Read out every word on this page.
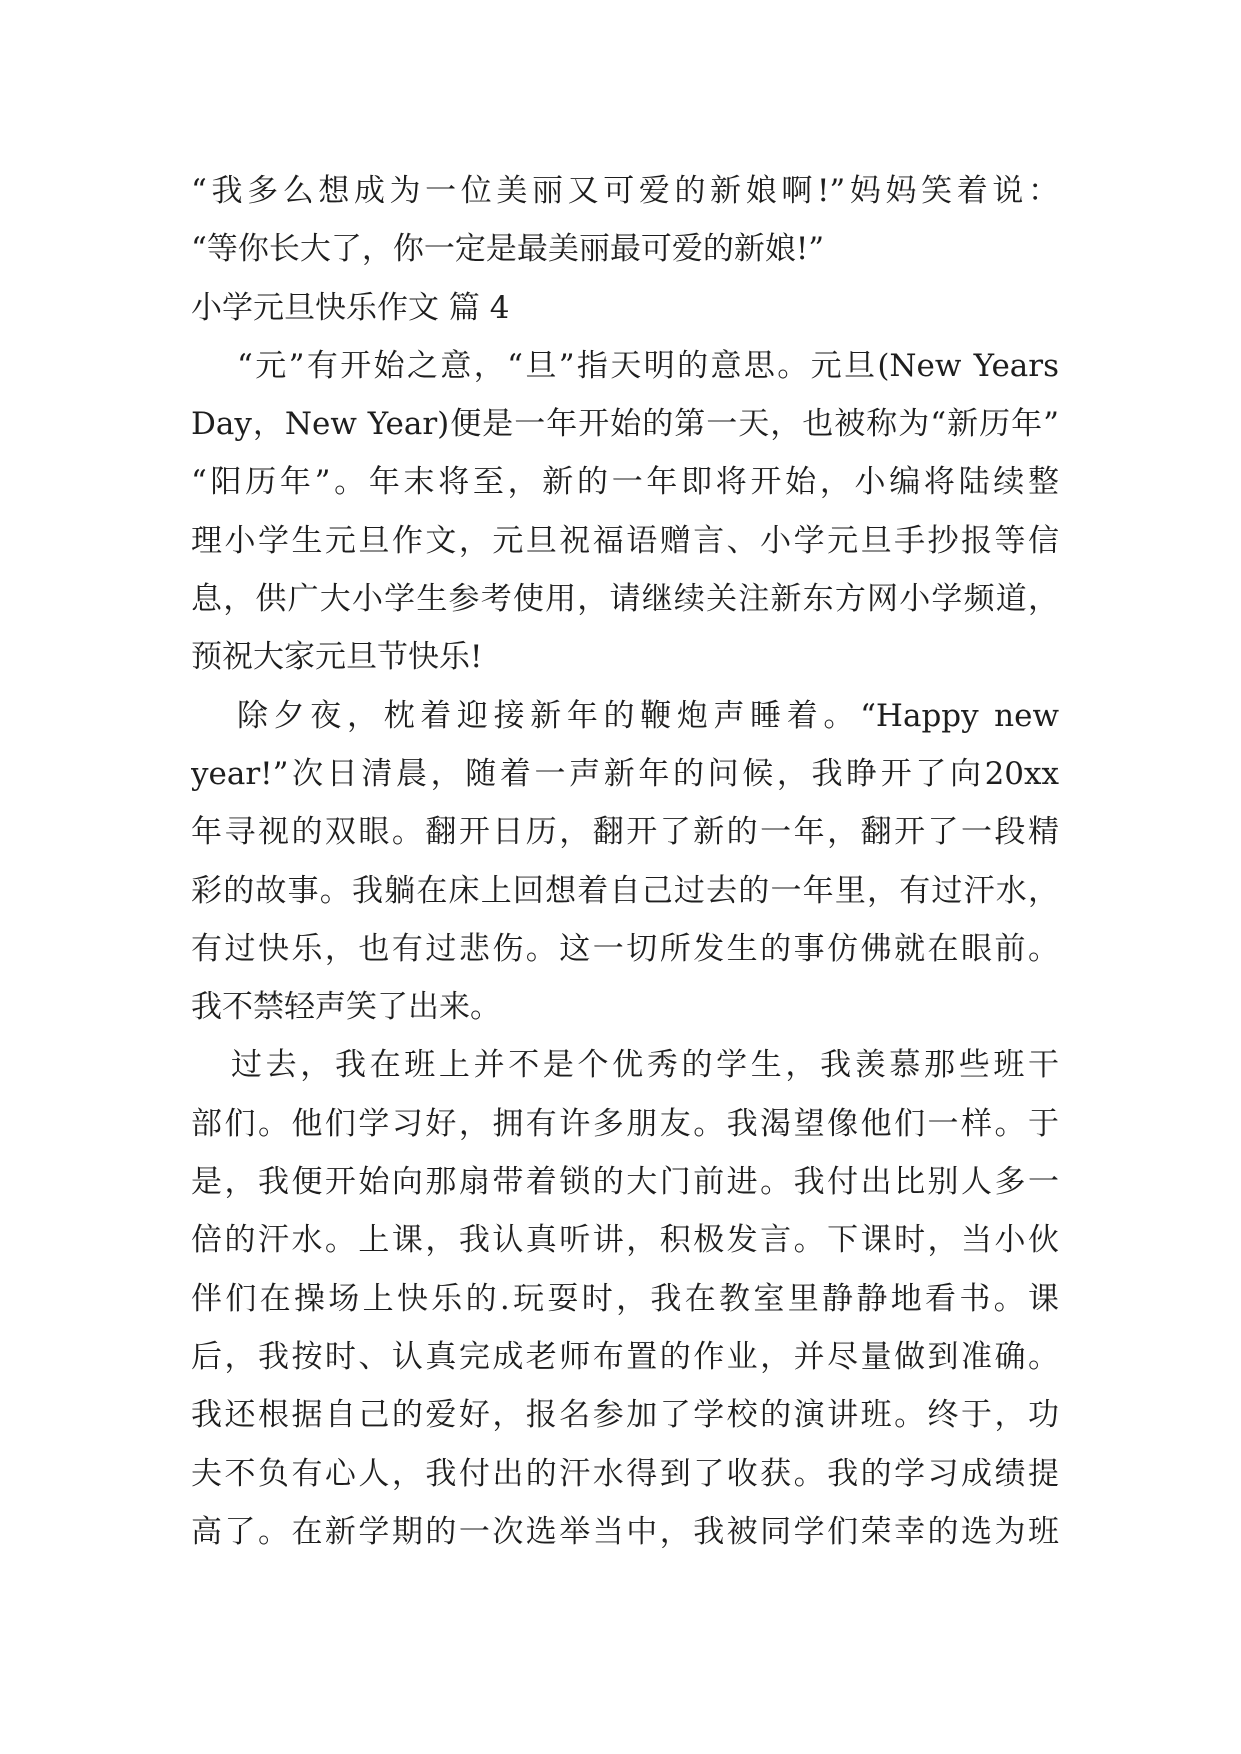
“我多么想成为一位美丽又可爱的新娘啊!”妈妈笑着说：
“等你长大了，你一定是最美丽最可爱的新娘!”
小学元旦快乐作文 篇 4
“元”有开始之意，“旦”指天明的意思。元旦(New Years
Day，New Year)便是一年开始的第一天，也被称为“新历年”
“阳历年”。年末将至，新的一年即将开始，小编将陆续整
理小学生元旦作文，元旦祝福语赠言、小学元旦手抄报等信
息，供广大小学生参考使用，请继续关注新东方网小学频道，
预祝大家元旦节快乐!
除夕夜，枕着迎接新年的鞭炮声睡着。“Happy new
year!”次日清晨，随着一声新年的问候，我睁开了向20xx
年寻视的双眼。翻开日历，翻开了新的一年，翻开了一段精
彩的故事。我躺在床上回想着自己过去的一年里，有过汗水，
有过快乐，也有过悲伤。这一切所发生的事仿佛就在眼前。
我不禁轻声笑了出来。
过去，我在班上并不是个优秀的学生，我羡慕那些班干
部们。他们学习好，拥有许多朋友。我渴望像他们一样。于
是，我便开始向那扇带着锁的大门前进。我付出比别人多一
倍的汗水。上课，我认真听讲，积极发言。下课时，当小伙
伴们在操场上快乐的.玩耍时，我在教室里静静地看书。课
后，我按时、认真完成老师布置的作业，并尽量做到准确。
我还根据自己的爱好，报名参加了学校的演讲班。终于，功
夫不负有心人，我付出的汗水得到了收获。我的学习成绩提
高了。在新学期的一次选举当中，我被同学们荣幸的选为班
